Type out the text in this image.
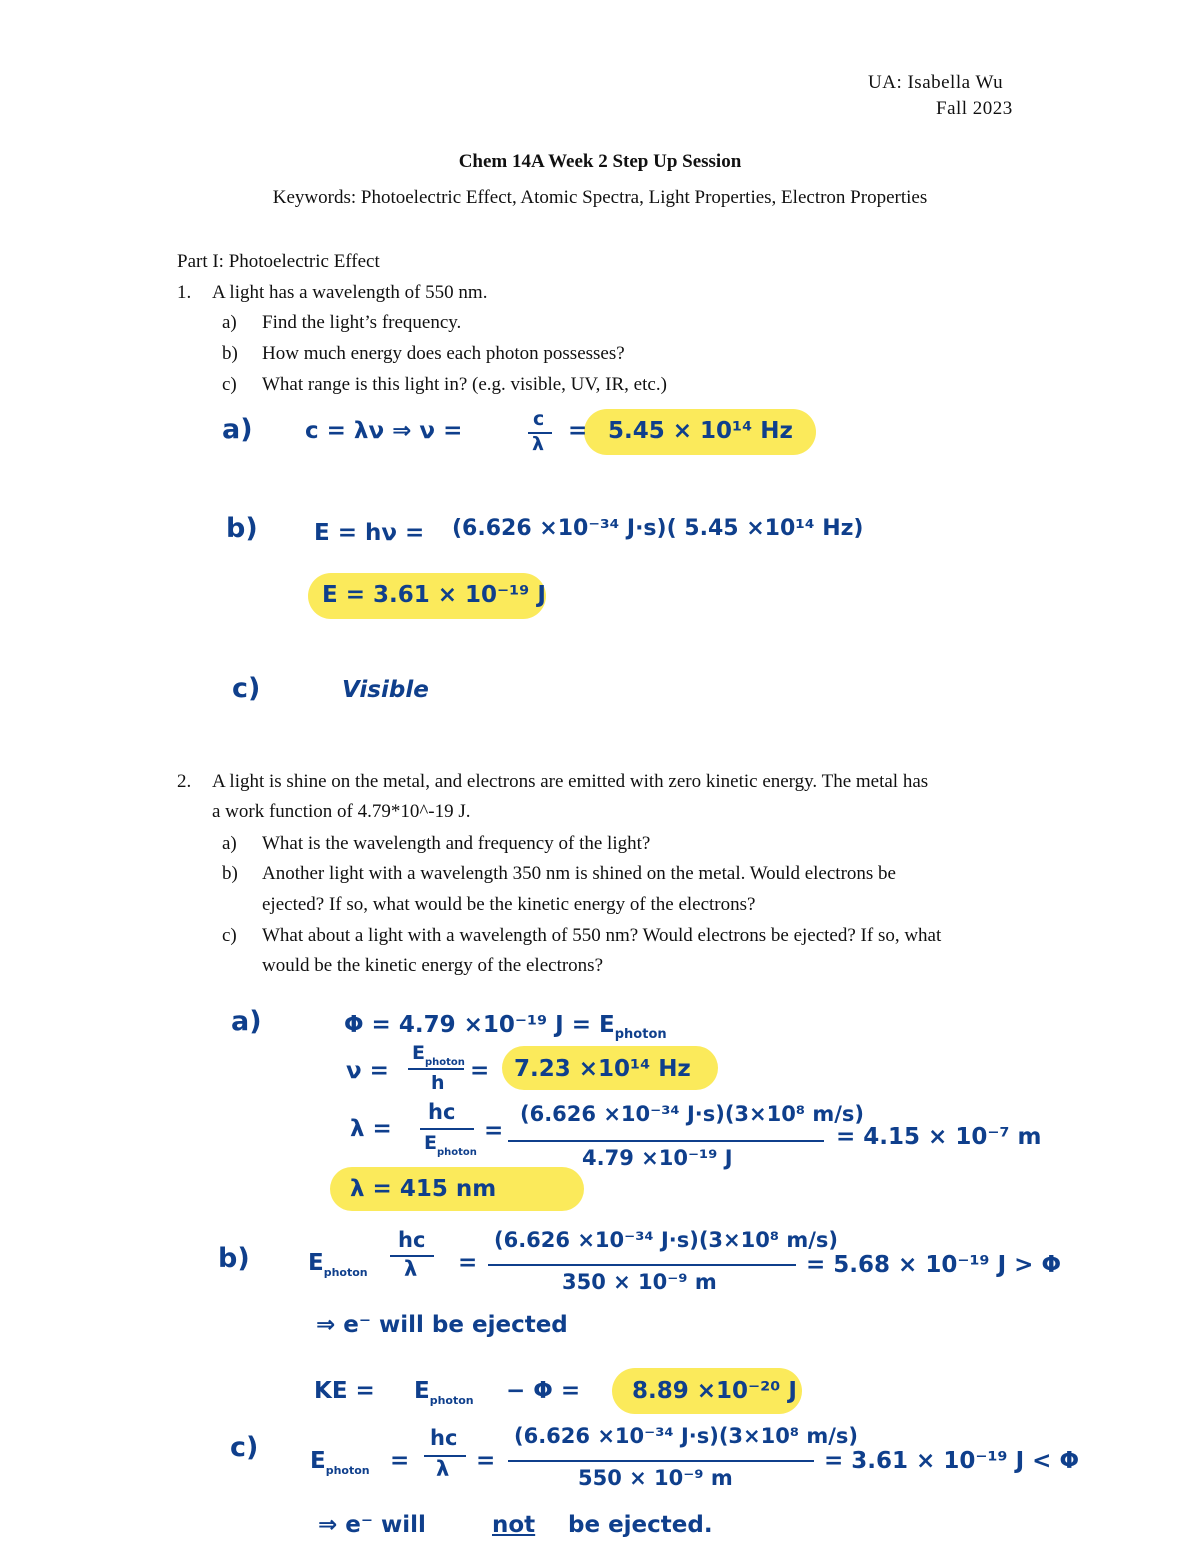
UA: Isabella Wu
Fall 2023
Chem 14A Week 2 Step Up Session
Keywords: Photoelectric Effect, Atomic Spectra, Light Properties, Electron Properties
Part I: Photoelectric Effect
1. A light has a wavelength of 550 nm.
a) Find the light’s frequency.
b) How much energy does each photon possesses?
c) What range is this light in? (e.g. visible, UV, IR, etc.)
a) c = λν ⇒ ν =	c
λ = 5.45 × 10¹⁴ Hz
b) E = hν = (6.626 ×10⁻³⁴ J·s)( 5.45 ×10¹⁴ Hz)
E = 3.61 × 10⁻¹⁹ J
c)	Visible
2. A light is shine on the metal, and electrons are emitted with zero kinetic energy. The metal has
a work function of 4.79*10^-19 J.
a) What is the wavelength and frequency of the light?
b) Another light with a wavelength 350 nm is shined on the metal. Would electrons be
ejected? If so, what would be the kinetic energy of the electrons?
c) What about a light with a wavelength of 550 nm? Would electrons be ejected? If so, what
would be the kinetic energy of the electrons?
a)	Φ = 4.79 ×10⁻¹⁹ $J = E_{photon}$
ν =
$E_{photon}$
h = 7.23 ×10¹⁴ Hz
λ =
hc
$E_{photon}$
=
(6.626 ×10⁻³⁴ J·s)(3×10⁸ m/s)
4.79 ×10⁻¹⁹ J
= 4.15 × 10⁻⁷ m
λ = 415 nm
b)	$E_{photon}$
hc
λ =
(6.626 ×10⁻³⁴ J·s)(3×10⁸ m/s)
350 × 10⁻⁹ m
= 5.68 × 10⁻¹⁹ J > Φ
⇒ e⁻ will be ejected
KE = $E_{photon} - \Phi = 8.89 \times 10^{-20}$ J
c) $E_{photon}$ =
hc
λ =
(6.626 ×10⁻³⁴ J·s)(3×10⁸ m/s)
550 × 10⁻⁹ m
= 3.61 × 10⁻¹⁹ J < Φ
⇒ e⁻ will	not be ejected.
